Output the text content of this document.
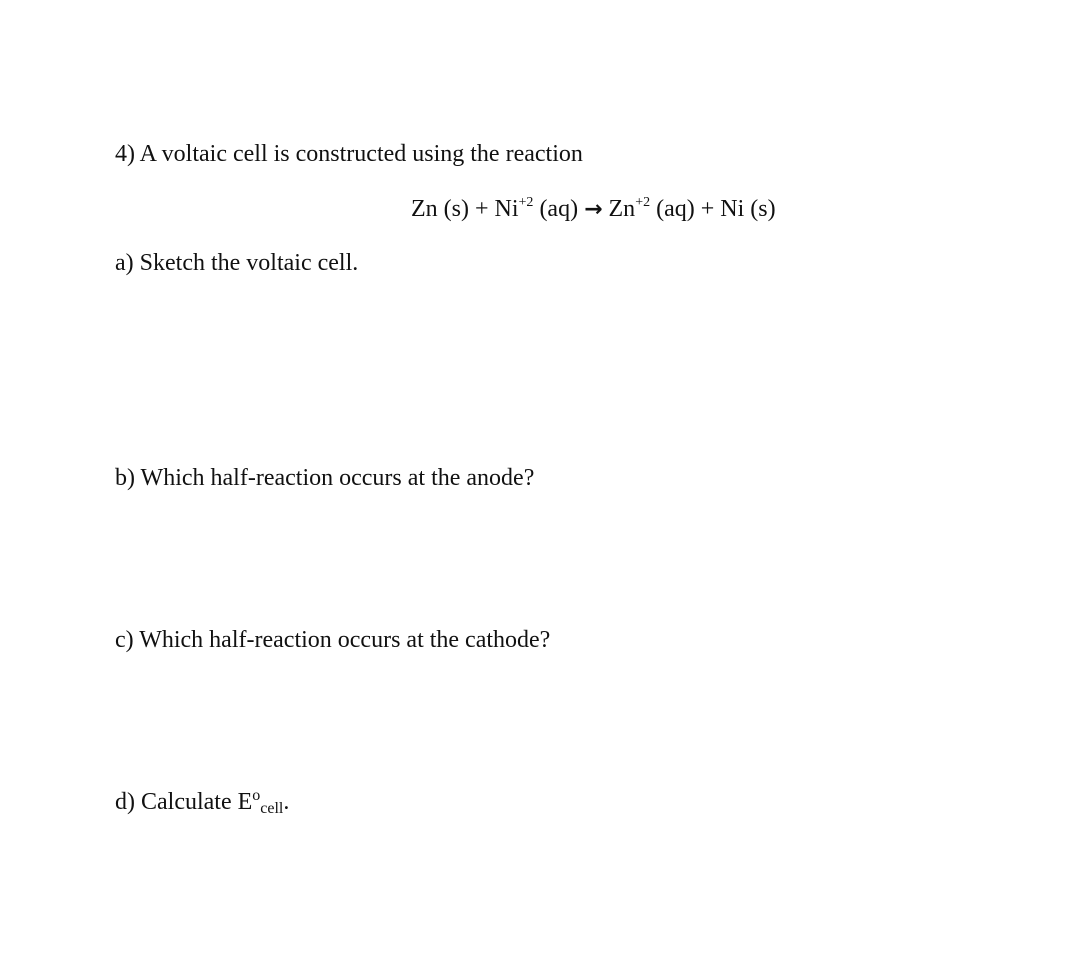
4) A voltaic cell is constructed using the reaction
Zn $(s) + Ni^{+2}$ $(aq) \to Zn^{+2}$ (aq) + Ni (s)
a) Sketch the voltaic cell.
b) Which half-reaction occurs at the anode?
c) Which half-reaction occurs at the cathode?
d) Calculate $E^o_{cell}$.
